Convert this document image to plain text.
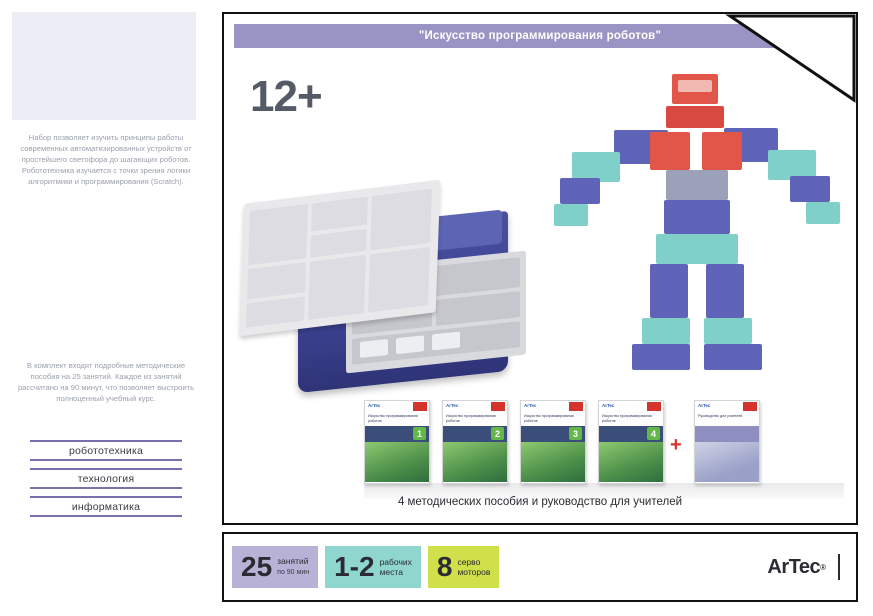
Набор позволяет изучить принципы работы современных автоматизированных устройств от простейшего светофора до шагающих роботов. Робототехника изучается с точки зрения логики алгоритмики и программирования (Scratch).
В комплект входят подробные методические пособия на 25 занятий. Каждое из занятий рассчитано на 90 минут, что позволяет выстроить полноценный учебный курс.
робототехника
технология
информатика
"Искусство программирования роботов"
12+
ArTec
Искусство программирования роботов
1
ArTec
Искусство программирования роботов
2
ArTec
Искусство программирования роботов
3
ArTec
Искусство программирования роботов
4
+
ArTec
Руководство для учителей
4 методических пособия и руководство для учителей
25 занятий
по 90 мин 1-2 рабочих
места	8 серво
моторов	ArTec ®
